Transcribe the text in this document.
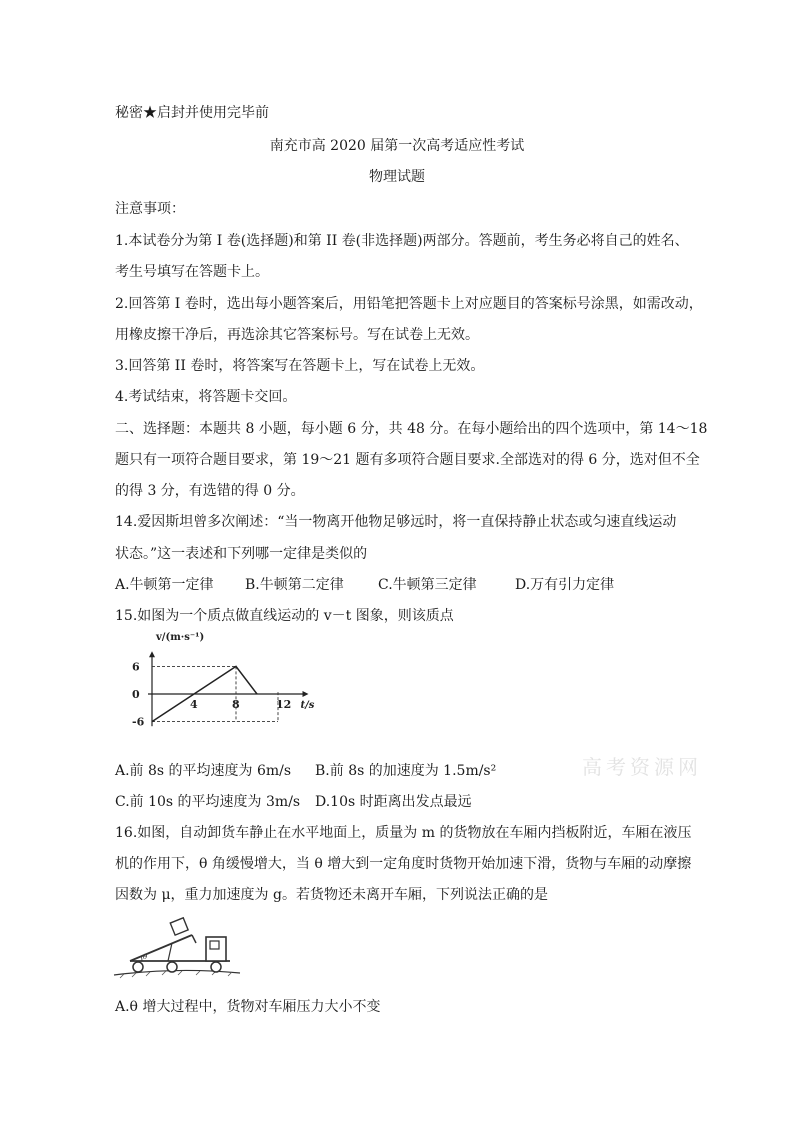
秘密★启封并使用完毕前
南充市高 2020 届第一次高考适应性考试
物理试题
注意事项：
1.本试卷分为第 I 卷(选择题)和第 II 卷(非选择题)两部分。答题前，考生务必将自己的姓名、
考生号填写在答题卡上。
2.回答第 I 卷时，选出每小题答案后，用铅笔把答题卡上对应题目的答案标号涂黑，如需改动，
用橡皮擦干净后，再选涂其它答案标号。写在试卷上无效。
3.回答第 II 卷时，将答案写在答题卡上，写在试卷上无效。
4.考试结束，将答题卡交回。
二、选择题：本题共 8 小题，每小题 6 分，共 48 分。在每小题给出的四个选项中，第 14～18
题只有一项符合题目要求，第 19～21 题有多项符合题目要求.全部选对的得 6 分，选对但不全
的得 3 分，有选错的得 0 分。
14.爱因斯坦曾多次阐述：“当一物离开他物足够远时，将一直保持静止状态或匀速直线运动
状态。”这一表述和下列哪一定律是类似的
A.牛顿第一定律 B.牛顿第二定律 C.牛顿第三定律	D.万有引力定律
15.如图为一个质点做直线运动的 v－t 图象，则该质点
v/(m·s⁻¹)
t/s
6
0
-6
4	8	12
A.前 8s 的平均速度为 6m/s B.前 8s 的加速度为 1.5m/s²
C.前 10s 的平均速度为 3m/s D.10s 时距离出发点最远
高考资源网
16.如图，自动卸货车静止在水平地面上，质量为 m 的货物放在车厢内挡板附近，车厢在液压
机的作用下，θ 角缓慢增大，当 θ 增大到一定角度时货物开始加速下滑，货物与车厢的动摩擦
因数为 μ，重力加速度为 g。若货物还未离开车厢，下列说法正确的是
θ
A.θ 增大过程中，货物对车厢压力大小不变
